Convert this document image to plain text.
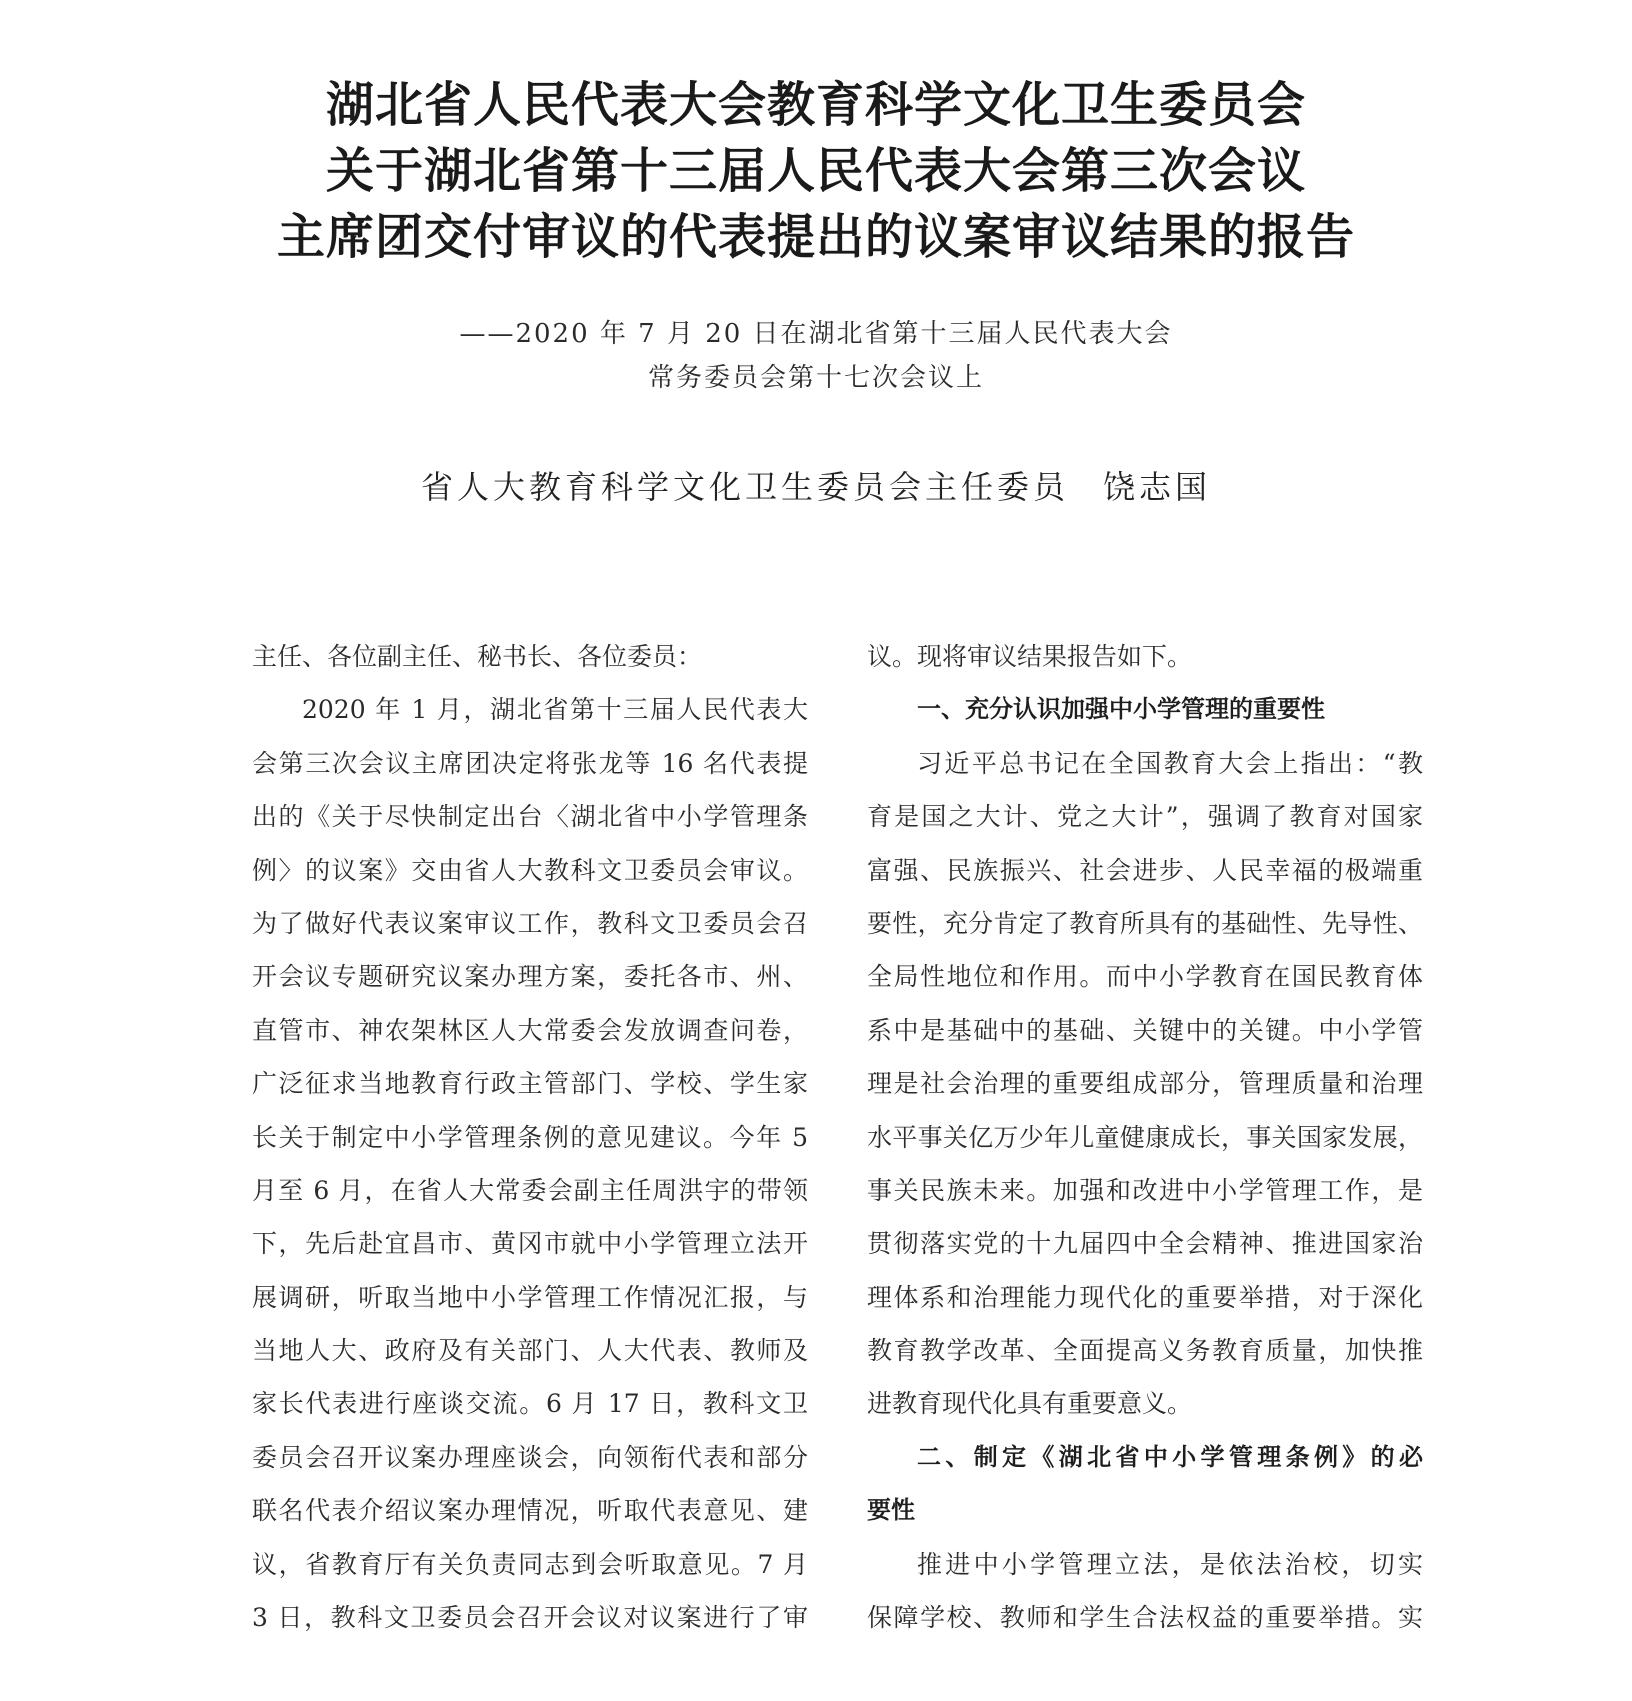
湖北省人民代表大会教育科学文化卫生委员会
关于湖北省第十三届人民代表大会第三次会议
主席团交付审议的代表提出的议案审议结果的报告
——2020 年 7 月 20 日在湖北省第十三届人民代表大会
常务委员会第十七次会议上
省人大教育科学文化卫生委员会主任委员 饶志国
主任、各位副主任、秘书长、各位委员：
2020 年 1 月，湖北省第十三届人民代表大
会第三次会议主席团决定将张龙等 16 名代表提
出的《关于尽快制定出台〈湖北省中小学管理条
例〉的议案》交由省人大教科文卫委员会审议。
为了做好代表议案审议工作，教科文卫委员会召
开会议专题研究议案办理方案，委托各市、州、
直管市、神农架林区人大常委会发放调查问卷，
广泛征求当地教育行政主管部门、学校、学生家
长关于制定中小学管理条例的意见建议。今年 5
月至 6 月，在省人大常委会副主任周洪宇的带领
下，先后赴宜昌市、黄冈市就中小学管理立法开
展调研，听取当地中小学管理工作情况汇报，与
当地人大、政府及有关部门、人大代表、教师及
家长代表进行座谈交流。6 月 17 日，教科文卫
委员会召开议案办理座谈会，向领衔代表和部分
联名代表介绍议案办理情况，听取代表意见、建
议，省教育厅有关负责同志到会听取意见。7 月
3 日，教科文卫委员会召开会议对议案进行了审
议。现将审议结果报告如下。
一、充分认识加强中小学管理的重要性
习近平总书记在全国教育大会上指出：“教
育是国之大计、党之大计”，强调了教育对国家
富强、民族振兴、社会进步、人民幸福的极端重
要性，充分肯定了教育所具有的基础性、先导性、
全局性地位和作用。而中小学教育在国民教育体
系中是基础中的基础、关键中的关键。中小学管
理是社会治理的重要组成部分，管理质量和治理
水平事关亿万少年儿童健康成长，事关国家发展，
事关民族未来。加强和改进中小学管理工作，是
贯彻落实党的十九届四中全会精神、推进国家治
理体系和治理能力现代化的重要举措，对于深化
教育教学改革、全面提高义务教育质量，加快推
进教育现代化具有重要意义。
二、制定《湖北省中小学管理条例》的必
要性
推进中小学管理立法，是依法治校，切实
保障学校、教师和学生合法权益的重要举措。实
